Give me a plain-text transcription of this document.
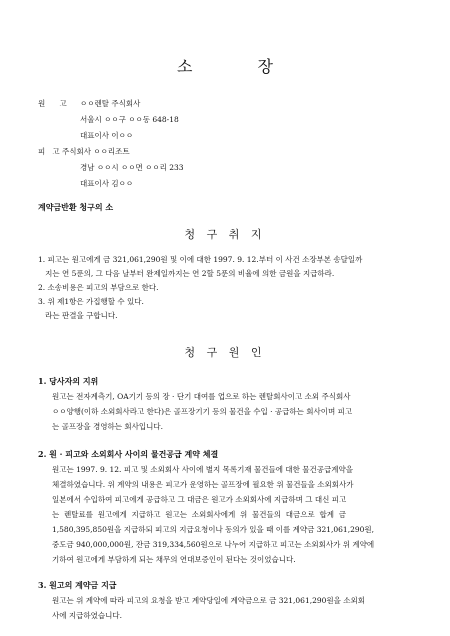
소 장
원      고 ㅇㅇ렌탈 주식회사
서울시 ㅇㅇ구 ㅇㅇ동 648-18
대표이사 이ㅇㅇ
피   고 주식회사 ㅇㅇ리조트
경남 ㅇㅇ시 ㅇㅇ면 ㅇㅇ리 233
대표이사 김ㅇㅇ
계약금반환 청구의 소
청 구 취 지
1. 피고는 원고에게 금 321,061,290원 및 이에 대한 1997. 9. 12.부터 이 사건 소장부본 송달일까
지는 연 5푼의, 그 다음 날부터 완제일까지는 연 2할 5푼의 비율에 의한 금원을 지급하라.
2. 소송비용은 피고의 부담으로 한다.
3. 위 제1항은 가집행할 수 있다.
라는 판결을 구합니다.
청 구 원 인
1. 당사자의 지위
원고는 전자계측기, OA기기 등의 장 · 단기 대여를 업으로 하는 렌탈회사이고 소외 주식회사
ㅇㅇ양행(이하 소외회사라고 한다)은 골프장기기 등의 물건을 수입 · 공급하는 회사이며 피고
는 골프장을 경영하는 회사입니다.
2. 원 · 피고와 소외회사 사이의 물건공급 계약 체결
원고는 1997. 9. 12. 피고 및 소외회사 사이에 별지 목록기재 물건들에 대한 물건공급계약을
체결하였습니다. 위 계약의 내용은 피고가 운영하는 골프장에 필요한 위 물건들을 소외회사가
일본에서 수입하여 피고에게 공급하고 그 대금은 원고가 소외회사에 지급하며 그 대신 피고
는  렌탈료를  원고에게  지급하고  원고는  소외회사에게  위  물건들의  대금으로  합계  금
1,580,395,850원을 지급하되 피고의 지급요청이나 동의가 있을 때 이를 계약금 321,061,290원,
중도금 940,000,000원, 잔금 319,334,560원으로 나누어 지급하고 피고는 소외회사가 위 계약에
기하여 원고에게 부담하게 되는 채무의 연대보증인이 된다는 것이었습니다.
3. 원고의 계약금 지급
원고는 위 계약에 따라 피고의 요청을 받고 계약당일에 계약금으로 금 321,061,290원을 소외회
사에 지급하였습니다.
